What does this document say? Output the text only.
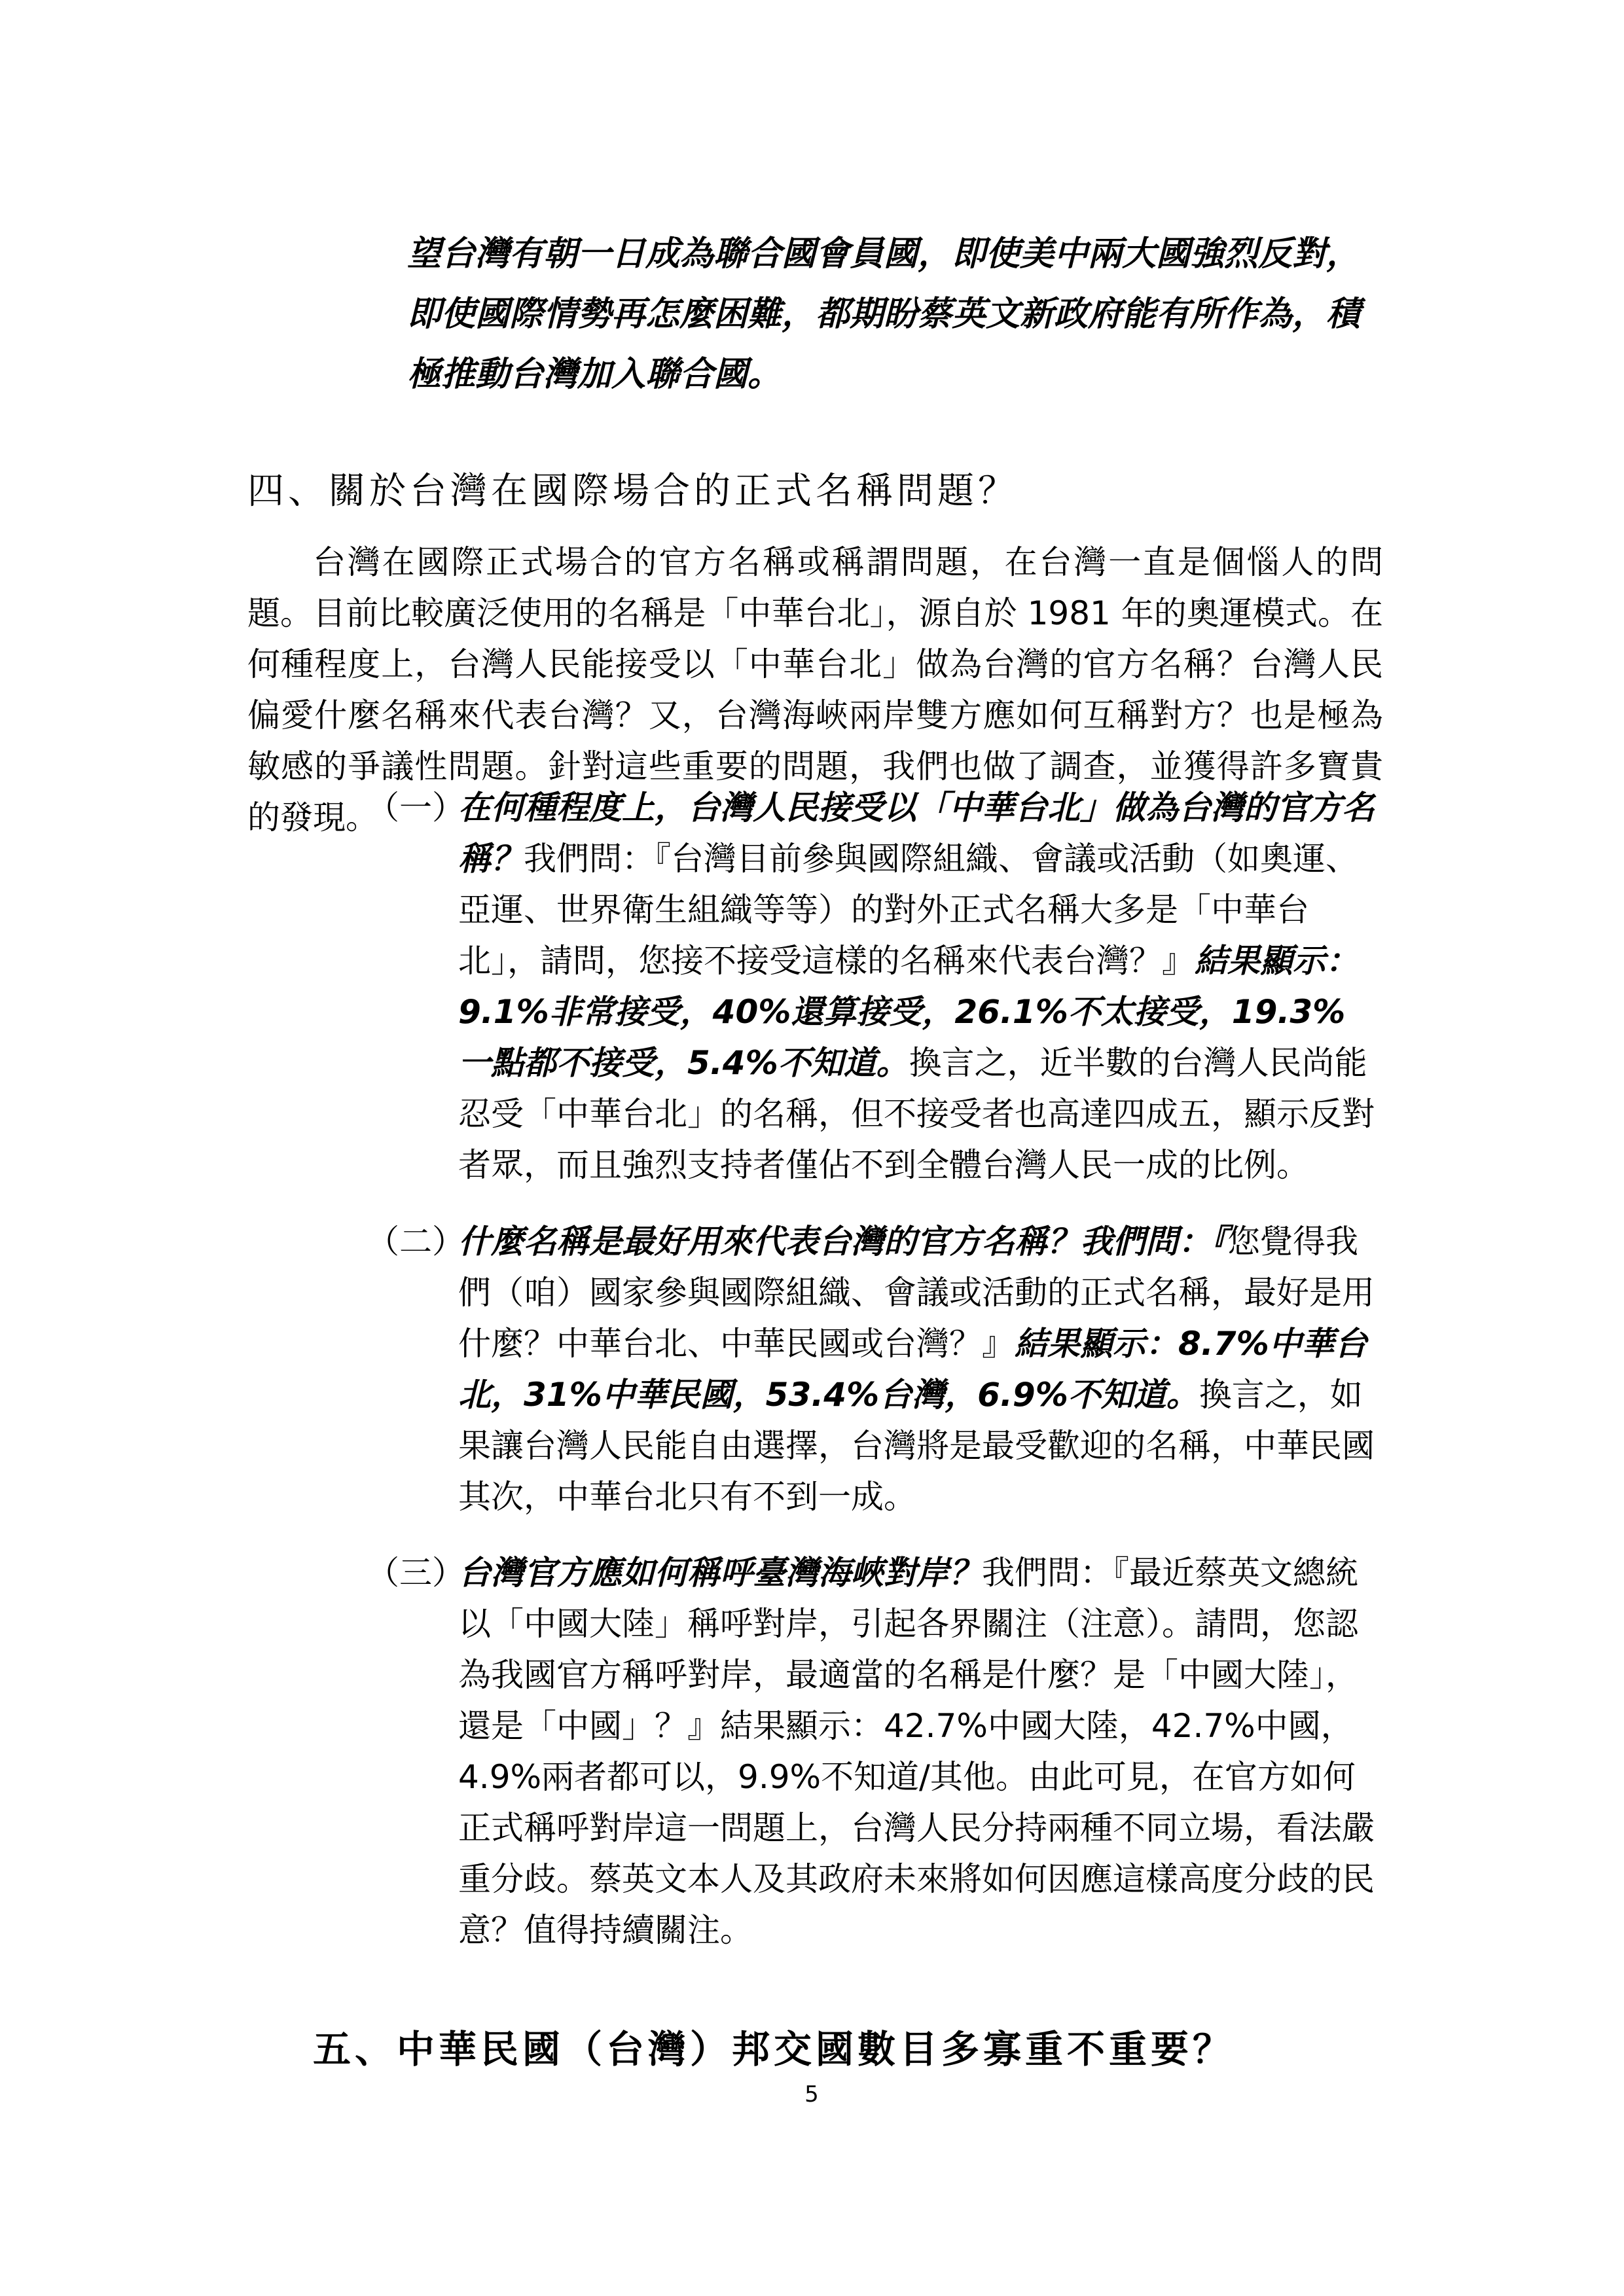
望台灣有朝一日成為聯合國會員國，即使美中兩大國強烈反對，即使國際情勢再怎麼困難，都期盼蔡英文新政府能有所作為，積極推動台灣加入聯合國。

四、關於台灣在國際場合的正式名稱問題？

台灣在國際正式場合的官方名稱或稱謂問題，在台灣一直是個惱人的問題。目前比較廣泛使用的名稱是「中華台北」，源自於 1981 年的奧運模式。在何種程度上，台灣人民能接受以「中華台北」做為台灣的官方名稱？台灣人民偏愛什麼名稱來代表台灣？又，台灣海峽兩岸雙方應如何互稱對方？也是極為敏感的爭議性問題。針對這些重要的問題，我們也做了調查，並獲得許多寶貴的發現。

（一）
在何種程度上，台灣人民接受以「中華台北」做為台灣的官方名稱？我們問：『台灣目前參與國際組織、會議或活動（如奧運、亞運、世界衛生組織等等）的對外正式名稱大多是「中華台北」，請問，您接不接受這樣的名稱來代表台灣？』結果顯示：9.1%非常接受，40%還算接受，26.1%不太接受，19.3%一點都不接受，5.4%不知道。換言之，近半數的台灣人民尚能忍受「中華台北」的名稱，但不接受者也高達四成五，顯示反對者眾，而且強烈支持者僅佔不到全體台灣人民一成的比例。
（二）
什麼名稱是最好用來代表台灣的官方名稱？我們問：『您覺得我們（咱）國家參與國際組織、會議或活動的正式名稱，最好是用什麼？中華台北、中華民國或台灣？』結果顯示：8.7%中華台北，31%中華民國，53.4%台灣，6.9%不知道。換言之，如果讓台灣人民能自由選擇，台灣將是最受歡迎的名稱，中華民國其次，中華台北只有不到一成。
（三）
台灣官方應如何稱呼臺灣海峽對岸？我們問：『最近蔡英文總統以「中國大陸」稱呼對岸，引起各界關注（注意）。請問，您認為我國官方稱呼對岸，最適當的名稱是什麼？是「中國大陸」，還是「中國」？』結果顯示：42.7%中國大陸，42.7%中國，4.9%兩者都可以，9.9%不知道/其他。由此可見，在官方如何正式稱呼對岸這一問題上，台灣人民分持兩種不同立場，看法嚴重分歧。蔡英文本人及其政府未來將如何因應這樣高度分歧的民意？值得持續關注。
五、中華民國（台灣）邦交國數目多寡重不重要？
5
